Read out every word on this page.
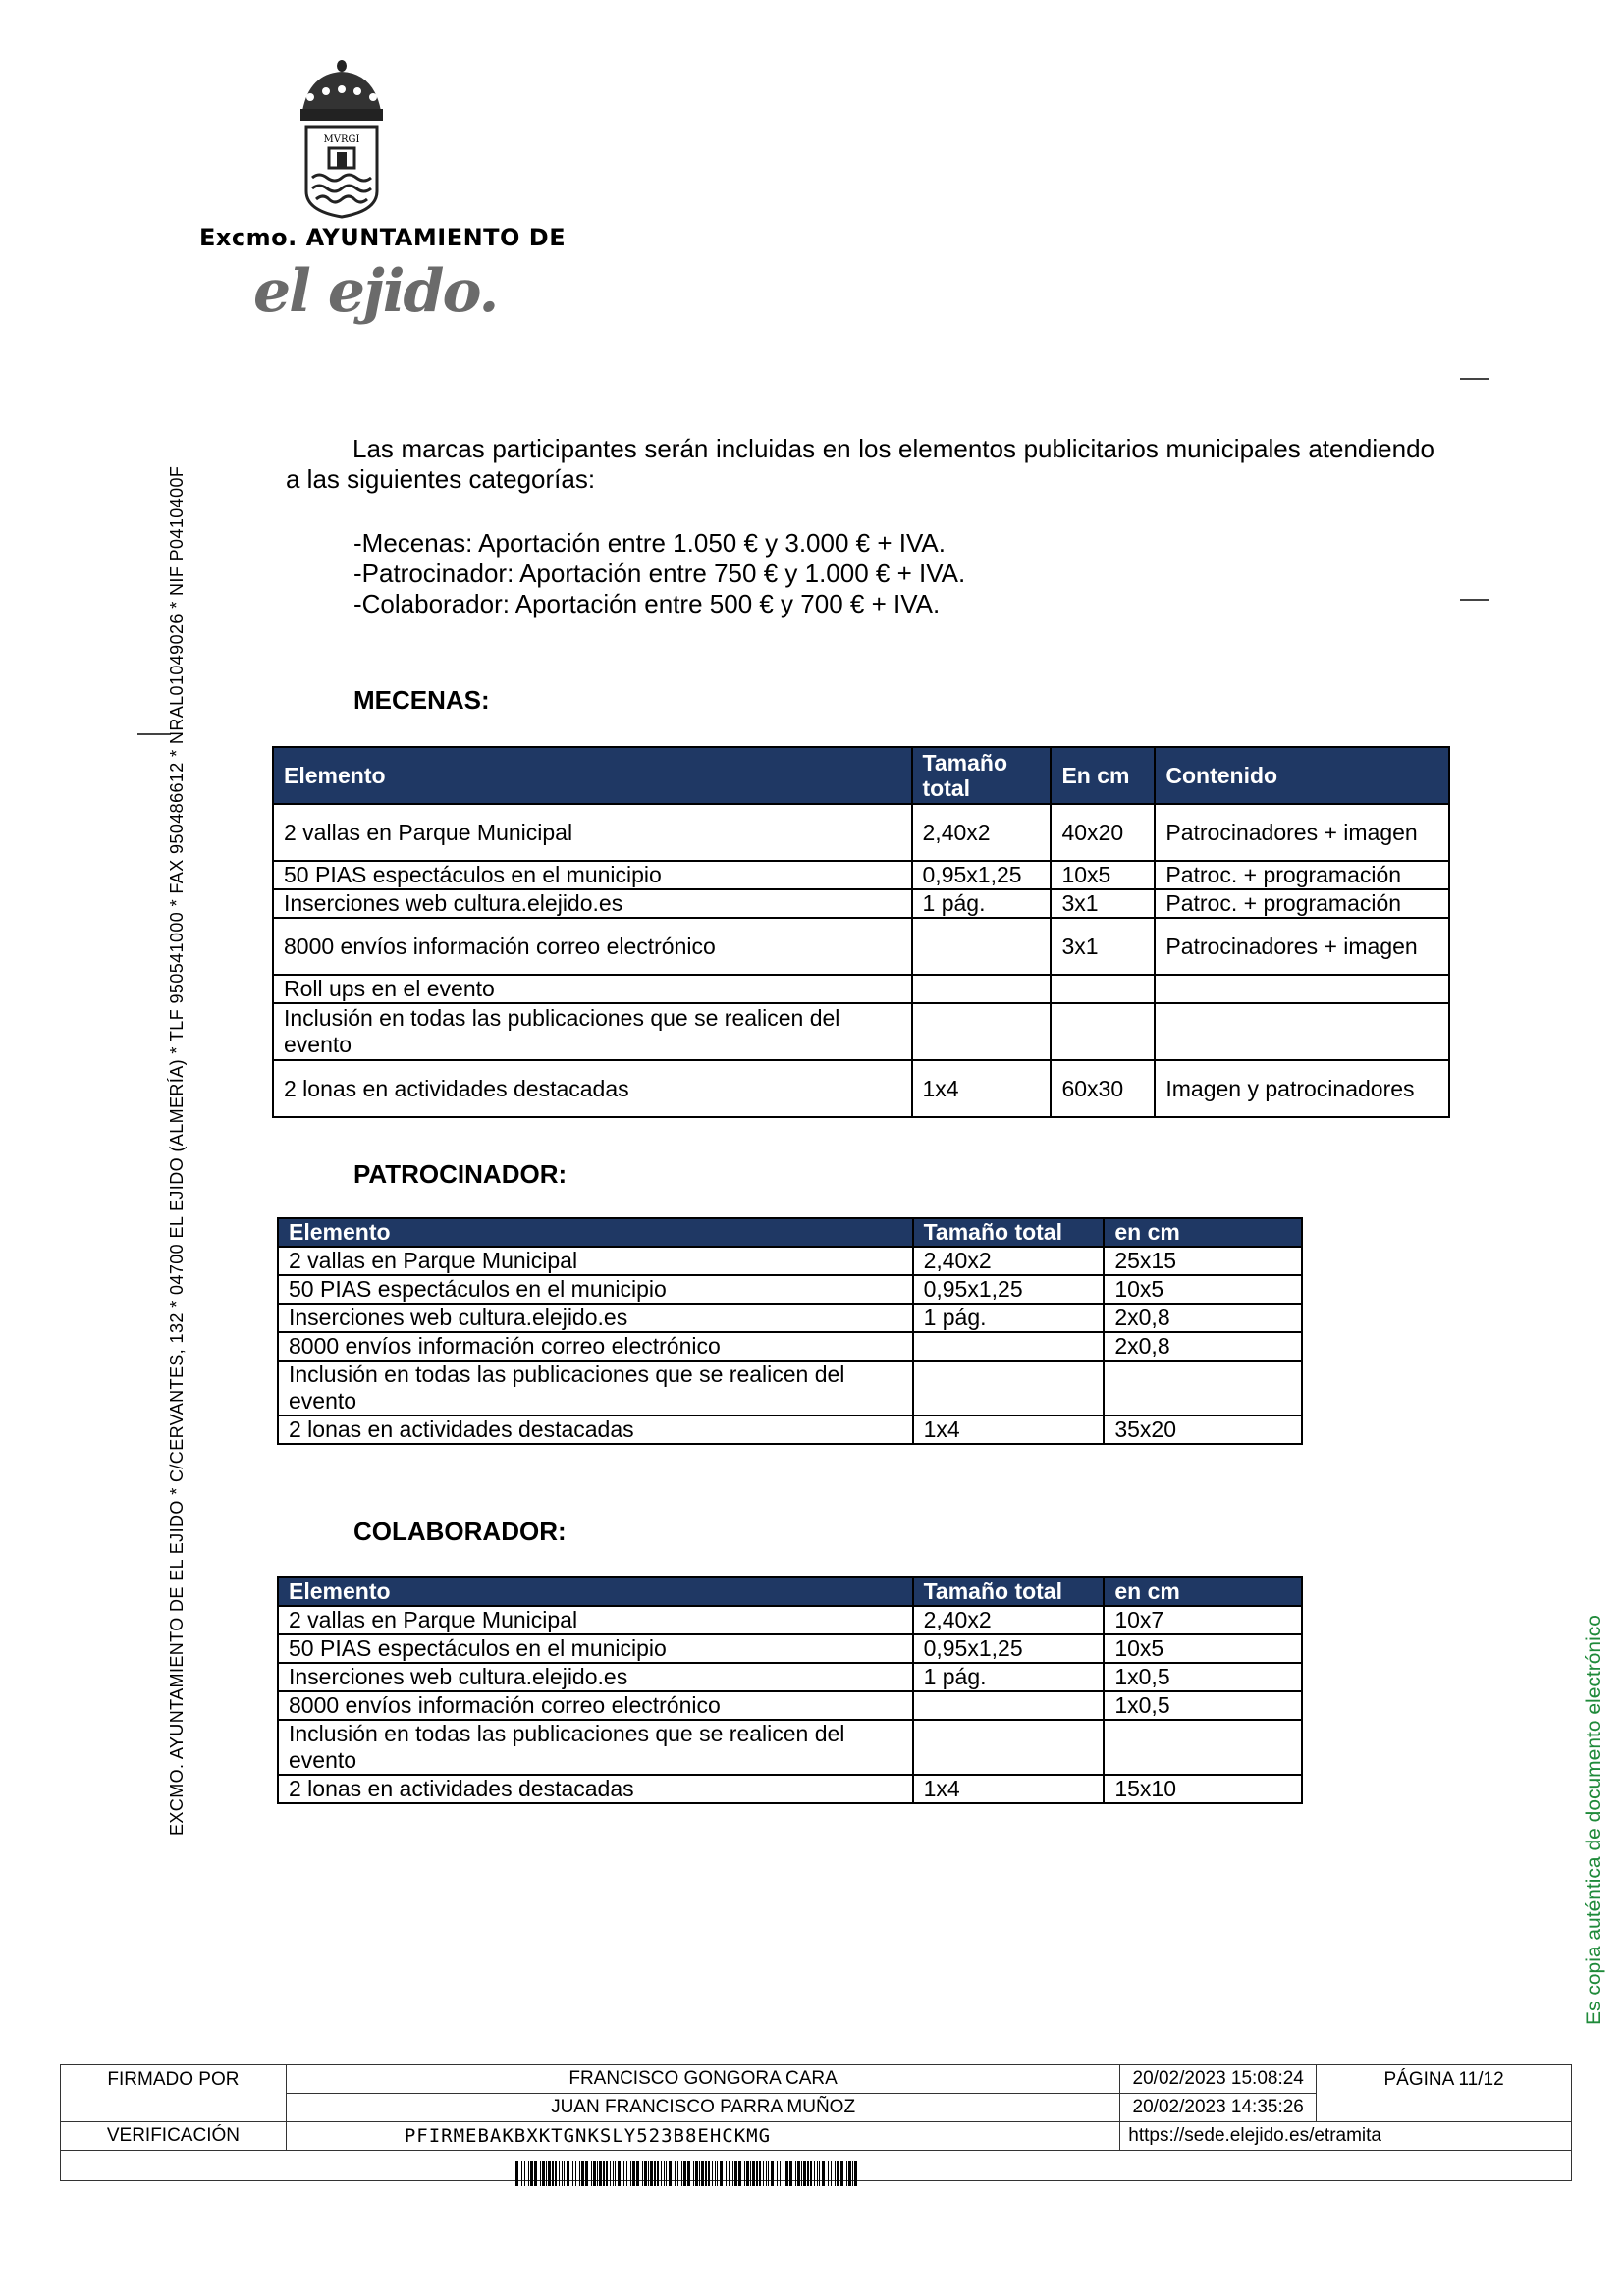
MVRGI
Excmo. AYUNTAMIENTO DE
el ejido.
EXCMO. AYUNTAMIENTO DE EL EJIDO * C/CERVANTES, 132 * 04700 EL EJIDO (ALMERÍA) * TLF 950541000 * FAX 950486612 * NRAL01049026 * NIF P0410400F	Es copia auténtica de documento electrónico
Las marcas participantes serán incluidas en los elementos publicitarios municipales atendiendo a las siguientes categorías:
-Mecenas: Aportación entre 1.050 € y 3.000 € + IVA.
-Patrocinador: Aportación entre 750 € y 1.000 € + IVA.
-Colaborador: Aportación entre 500 € y 700 € + IVA.
MECENAS:
Elemento	Tamaño total	En cm	Contenido
2 vallas en Parque Municipal	2,40x2	40x20	Patrocinadores + imagen
50 PIAS espectáculos en el municipio	0,95x1,25	10x5	Patroc. + programación
Inserciones web cultura.elejido.es	1 pág.	3x1	Patroc. + programación
8000 envíos información correo electrónico		3x1	Patrocinadores + imagen
Roll ups en el evento			
Inclusión en todas las publicaciones que se realicen del evento			
2 lonas en actividades destacadas	1x4	60x30	Imagen y patrocinadores
PATROCINADOR:
Elemento	Tamaño total	en cm
2 vallas en Parque Municipal	2,40x2	25x15
50 PIAS espectáculos en el municipio	0,95x1,25	10x5
Inserciones web cultura.elejido.es	1 pág.	2x0,8
8000 envíos información correo electrónico		2x0,8
Inclusión en todas las publicaciones que se realicen del evento		
2 lonas en actividades destacadas	1x4	35x20
COLABORADOR:
Elemento	Tamaño total	en cm
2 vallas en Parque Municipal	2,40x2	10x7
50 PIAS espectáculos en el municipio	0,95x1,25	10x5
Inserciones web cultura.elejido.es	1 pág.	1x0,5
8000 envíos información correo electrónico		1x0,5
Inclusión en todas las publicaciones que se realicen del evento		
2 lonas en actividades destacadas	1x4	15x10
FIRMADO POR	FRANCISCO GONGORA CARA	20/02/2023 15:08:24	PÁGINA 11/12
	JUAN FRANCISCO PARRA MUÑOZ	20/02/2023 14:35:26	
VERIFICACIÓN	PFIRMEBAKBXKTGNKSLY523B8EHCKMG	https://sede.elejido.es/etramita	
